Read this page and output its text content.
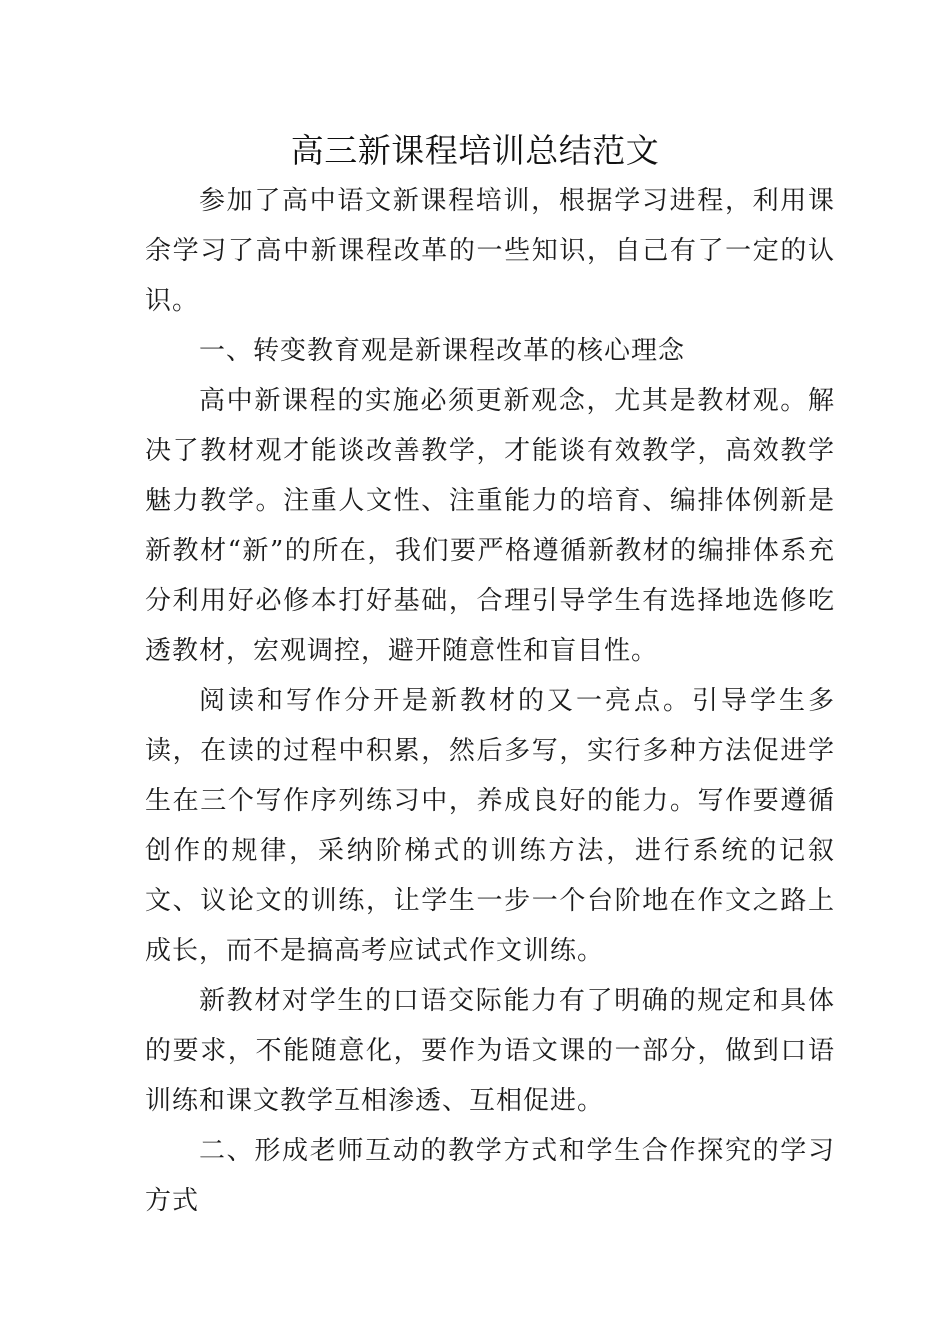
高三新课程培训总结范文

参加了高中语文新课程培训，根据学习进程，利用课余学习了高中新课程改革的一些知识，自己有了一定的认识。

一、转变教育观是新课程改革的核心理念

高中新课程的实施必须更新观念，尤其是教材观。解决了教材观才能谈改善教学，才能谈有效教学，高效教学魅力教学。注重人文性、注重能力的培育、编排体例新是新教材“新”的所在，我们要严格遵循新教材的编排体系充分利用好必修本打好基础，合理引导学生有选择地选修吃透教材，宏观调控，避开随意性和盲目性。

阅读和写作分开是新教材的又一亮点。引导学生多读，在读的过程中积累，然后多写，实行多种方法促进学生在三个写作序列练习中，养成良好的能力。写作要遵循创作的规律，采纳阶梯式的训练方法，进行系统的记叙文、议论文的训练，让学生一步一个台阶地在作文之路上成长，而不是搞高考应试式作文训练。

新教材对学生的口语交际能力有了明确的规定和具体的要求，不能随意化，要作为语文课的一部分，做到口语训练和课文教学互相渗透、互相促进。

二、形成老师互动的教学方式和学生合作探究的学习方式
